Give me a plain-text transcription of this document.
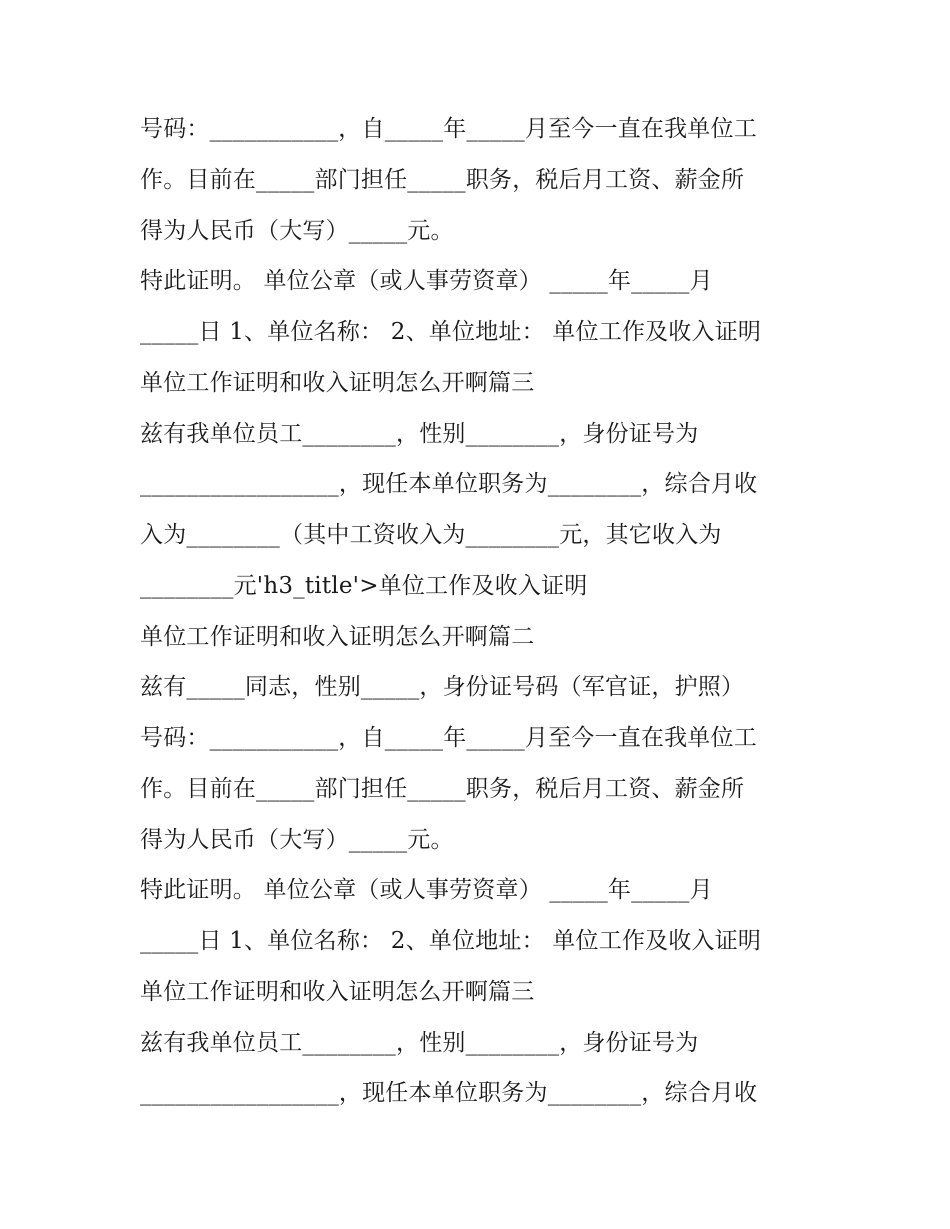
号码：___________，自_____年_____月至今一直在我单位工
作。目前在_____部门担任_____职务，税后月工资、薪金所
得为人民币（大写）_____元。
特此证明。 单位公章（或人事劳资章） _____年_____月
_____日 1、单位名称： 2、单位地址： 单位工作及收入证明
单位工作证明和收入证明怎么开啊篇三
兹有我单位员工________，性别________，身份证号为
_________________，现任本单位职务为________，综合月收
入为________（其中工资收入为________元，其它收入为
________元'h3_title'>单位工作及收入证明
单位工作证明和收入证明怎么开啊篇二
兹有_____同志，性别_____，身份证号码（军官证，护照）
号码：___________，自_____年_____月至今一直在我单位工
作。目前在_____部门担任_____职务，税后月工资、薪金所
得为人民币（大写）_____元。
特此证明。 单位公章（或人事劳资章） _____年_____月
_____日 1、单位名称： 2、单位地址： 单位工作及收入证明
单位工作证明和收入证明怎么开啊篇三
兹有我单位员工________，性别________，身份证号为
_________________，现任本单位职务为________，综合月收
